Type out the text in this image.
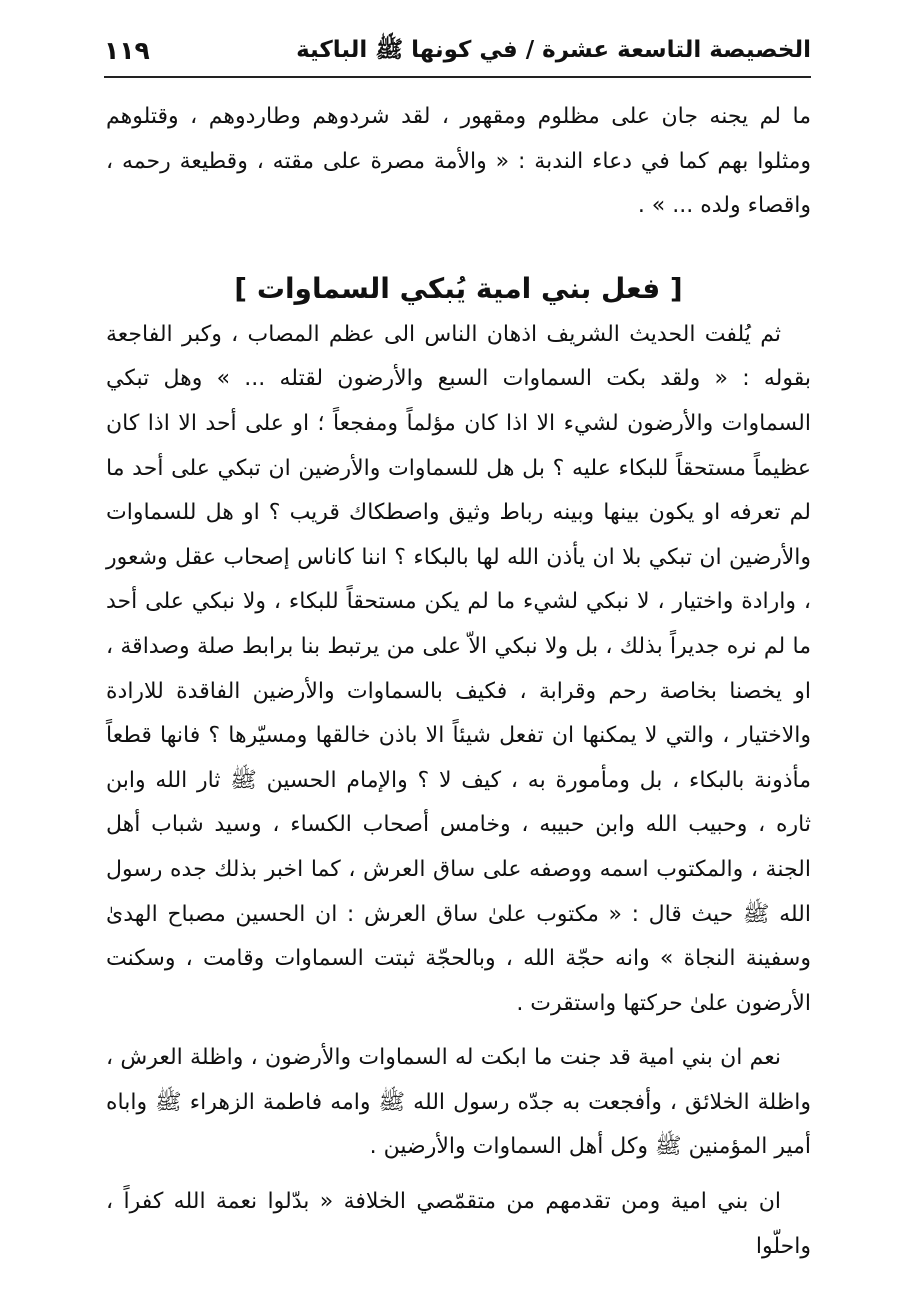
الخصيصة التاسعة عشرة / في كونها ﷺ الباكية
١١٩

ما لم يجنه جان على مظلوم ومقهور ، لقد شردوهم وطاردوهم ، وقتلوهم ومثلوا بهم كما في دعاء الندبة : « والأمة مصرة على مقته ، وقطيعة رحمه ، واقصاء ولده ... » .

[ فعل بني امية يُبكي السماوات ]

ثم يُلفت الحديث الشريف اذهان الناس الى عظم المصاب ، وكبر الفاجعة بقوله : « ولقد بكت السماوات السبع والأرضون لقتله ... » وهل تبكي السماوات والأرضون لشيء الا اذا كان مؤلماً ومفجعاً ؛ او على أحد الا اذا كان عظيماً مستحقاً للبكاء عليه ؟ بل هل للسماوات والأرضين ان تبكي على أحد ما لم تعرفه او يكون بينها وبينه رباط وثيق واصطكاك قريب ؟ او هل للسماوات والأرضين ان تبكي بلا ان يأذن الله لها بالبكاء ؟ اننا كاناس إصحاب عقل وشعور ، وارادة واختيار ، لا نبكي لشيء ما لم يكن مستحقاً للبكاء ، ولا نبكي على أحد ما لم نره جديراً بذلك ، بل ولا نبكي الاّ على من يرتبط بنا برابط صلة وصداقة ، او يخصنا بخاصة رحم وقرابة ، فكيف بالسماوات والأرضين الفاقدة للارادة والاختيار ، والتي لا يمكنها ان تفعل شيئاً الا باذن خالقها ومسيّرها ؟ فانها قطعاً مأذونة بالبكاء ، بل ومأمورة به ، كيف لا ؟ والإمام الحسين ﷺ ثار الله وابن ثاره ، وحبيب الله وابن حبيبه ، وخامس أصحاب الكساء ، وسيد شباب أهل الجنة ، والمكتوب اسمه ووصفه على ساق العرش ، كما اخبر بذلك جده رسول الله ﷺ حيث قال : « مكتوب علىٰ ساق العرش : ان الحسين مصباح الهدىٰ وسفينة النجاة » وانه حجّة الله ، وبالحجّة ثبتت السماوات وقامت ، وسكنت الأرضون علىٰ حركتها واستقرت .

نعم ان بني امية قد جنت ما ابكت له السماوات والأرضون ، واظلة العرش ، واظلة الخلائق ، وأفجعت به جدّه رسول الله ﷺ وامه فاطمة الزهراء ﷺ واباه أمير المؤمنين ﷺ وكل أهل السماوات والأرضين .

ان بني امية ومن تقدمهم من متقمّصي الخلافة « بدّلوا نعمة الله كفراً ، واحلّوا
